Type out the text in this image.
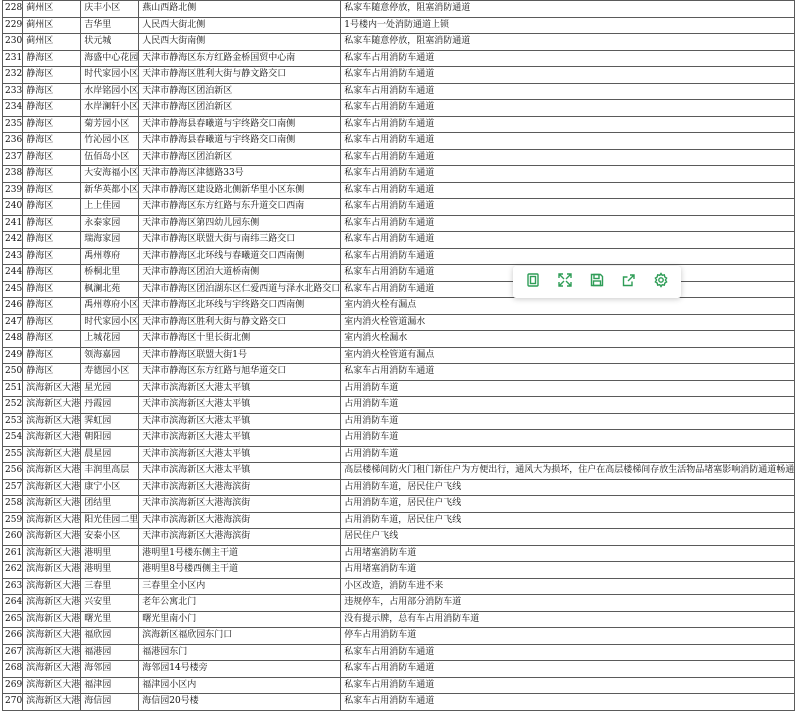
228	蓟州区	庆丰小区	燕山西路北侧	私家车随意停放，阻塞消防通道
229	蓟州区	吉华里	人民西大街北侧	1号楼内一处消防通道上锁
230	蓟州区	状元城	人民西大街南侧	私家车随意停放，阻塞消防通道
231	静海区	海盛中心花园	天津市静海区东方红路金桥国贸中心南	私家车占用消防车通道
232	静海区	时代家园小区	天津市静海区胜利大街与静文路交口	私家车占用消防车通道
233	静海区	水岸铭园小区	天津市静海区团泊新区	私家车占用消防车通道
234	静海区	水岸澜轩小区	天津市静海区团泊新区	私家车占用消防车通道
235	静海区	菊芳园小区	天津市静海县春曦道与宇终路交口南侧	私家车占用消防车通道
236	静海区	竹沁园小区	天津市静海县春曦道与宇终路交口南侧	私家车占用消防车通道
237	静海区	伍佰岛小区	天津市静海区团泊新区	私家车占用消防车通道
238	静海区	大安海福小区	天津市静海区津德路33号	私家车占用消防车通道
239	静海区	新华英都小区	天津市静海区建设路北侧新华里小区东侧	私家车占用消防车通道
240	静海区	上上佳园	天津市静海区东方红路与东升道交口西南	私家车占用消防车通道
241	静海区	永泰家园	天津市静海区第四幼儿园东侧	私家车占用消防车通道
242	静海区	瑞海家园	天津市静海区联盟大街与南纬三路交口	私家车占用消防车通道
243	静海区	禹州尊府	天津市静海区北环线与春曦道交口西南侧	私家车占用消防车通道
244	静海区	桥桐北里	天津市静海区团泊大道桥南侧	私家车占用消防车通道
245	静海区	枫澜北苑	天津市静海区团泊湖东区仁爱西道与泽水北路交口	私家车占用消防车通道
246	静海区	禹州尊府小区	天津市静海区北环线与宇终路交口西南侧	室内消火栓有漏点
247	静海区	时代家园小区	天津市静海区胜利大街与静文路交口	室内消火栓管道漏水
248	静海区	上城花园	天津市静海区十里长街北侧	室内消火栓漏水
249	静海区	领海嘉园	天津市静海区联盟大街1号	室内消火栓管道有漏点
250	静海区	寿德园小区	天津市静海区东方红路与旭华道交口	私家车占用消防车通道
251	滨海新区大港	星光园	天津市滨海新区大港太平镇	占用消防车道
252	滨海新区大港	丹霞园	天津市滨海新区大港太平镇	占用消防车道
253	滨海新区大港	霁虹园	天津市滨海新区大港太平镇	占用消防车道
254	滨海新区大港	朝阳园	天津市滨海新区大港太平镇	占用消防车道
255	滨海新区大港	晨星园	天津市滨海新区大港太平镇	占用消防车道
256	滨海新区大港	丰润里高层	天津市滨海新区大港太平镇	高层楼梯间防火门租门新住户为方便出行，通风大为损坏，住户在高层楼梯间存放生活物品堵塞影响消防通道畅通
257	滨海新区大港	康宁小区	天津市滨海新区大港海滨街	占用消防车道，居民住户飞线
258	滨海新区大港	团结里	天津市滨海新区大港海滨街	占用消防车道，居民住户飞线
259	滨海新区大港	阳光佳园二里	天津市滨海新区大港海滨街	占用消防车道，居民住户飞线
260	滨海新区大港	安泰小区	天津市滨海新区大港海滨街	居民住户飞线
261	滨海新区大港	港明里	港明里1号楼东侧主干道	占用堵塞消防车道
262	滨海新区大港	港明里	港明里8号楼西侧主干道	占用堵塞消防车道
263	滨海新区大港	三春里	三春里全小区内	小区改造，消防车进不来
264	滨海新区大港	兴安里	老年公寓北门	违规停车，占用部分消防车道
265	滨海新区大港	曙光里	曙光里南小门	没有提示牌，总有车占用消防车道
266	滨海新区大港	福欣园	滨海新区福欣园东门口	停车占用消防车道
267	滨海新区大港	福港园	福港园东门	私家车占用消防车通道
268	滨海新区大港	海邻园	海邻园14号楼旁	私家车占用消防车通道
269	滨海新区大港	福津园	福津园小区内	私家车占用消防车通道
270	滨海新区大港	海信园	海信园20号楼	私家车占用消防车通道
